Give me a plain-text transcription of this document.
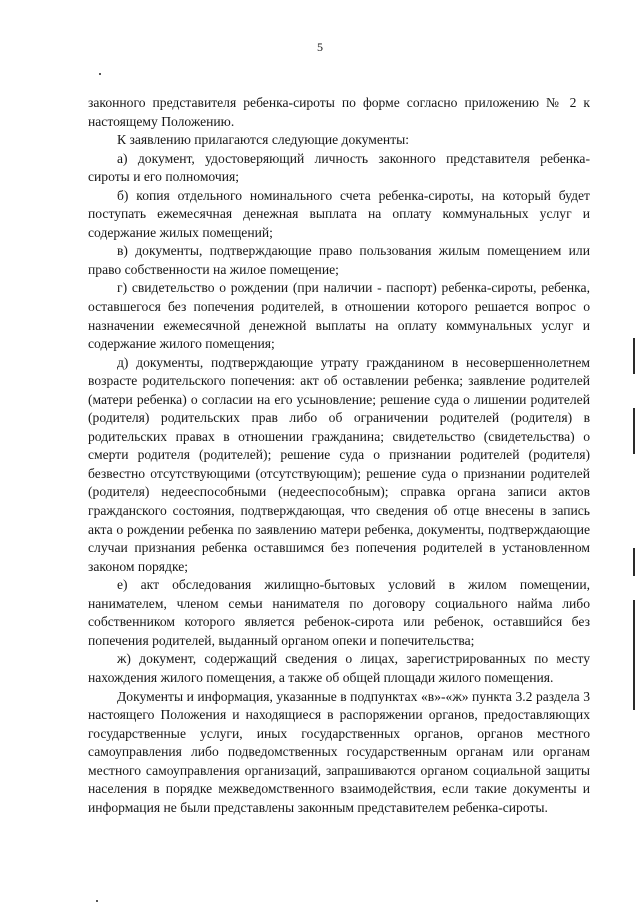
5

законного представителя ребенка-сироты по форме согласно приложению № 2 к настоящему Положению.

К заявлению прилагаются следующие документы:

а) документ, удостоверяющий личность законного представителя ребенка-сироты и его полномочия;

б) копия отдельного номинального счета ребенка-сироты, на который будет поступать ежемесячная денежная выплата на оплату коммунальных услуг и содержание жилых помещений;

в) документы, подтверждающие право пользования жилым помещением или право собственности на жилое помещение;

г) свидетельство о рождении (при наличии - паспорт) ребенка-сироты, ребенка, оставшегося без попечения родителей, в отношении которого решается вопрос о назначении ежемесячной денежной выплаты на оплату коммунальных услуг и содержание жилого помещения;

д) документы, подтверждающие утрату гражданином в несовершеннолетнем возрасте родительского попечения: акт об оставлении ребенка; заявление родителей (матери ребенка) о согласии на его усыновление; решение суда о лишении родителей (родителя) родительских прав либо об ограничении родителей (родителя) в родительских правах в отношении гражданина; свидетельство (свидетельства) о смерти родителя (родителей); решение суда о признании родителей (родителя) безвестно отсутствующими (отсутствующим); решение суда о признании родителей (родителя) недееспособными (недееспособным); справка органа записи актов гражданского состояния, подтверждающая, что сведения об отце внесены в запись акта о рождении ребенка по заявлению матери ребенка, документы, подтверждающие случаи признания ребенка оставшимся без попечения родителей в установленном законом порядке;

е) акт обследования жилищно-бытовых условий в жилом помещении, нанимателем, членом семьи нанимателя по договору социального найма либо собственником которого является ребенок-сирота или ребенок, оставшийся без попечения родителей, выданный органом опеки и попечительства;

ж) документ, содержащий сведения о лицах, зарегистрированных по месту нахождения жилого помещения, а также об общей площади жилого помещения.

Документы и информация, указанные в подпунктах «в»-«ж» пункта 3.2 раздела 3 настоящего Положения и находящиеся в распоряжении органов, предоставляющих государственные услуги, иных государственных органов, органов местного самоуправления либо подведомственных государственным органам или органам местного самоуправления организаций, запрашиваются органом социальной защиты населения в порядке межведомственного взаимодействия, если такие документы и информация не были представлены законным представителем ребенка-сироты.
